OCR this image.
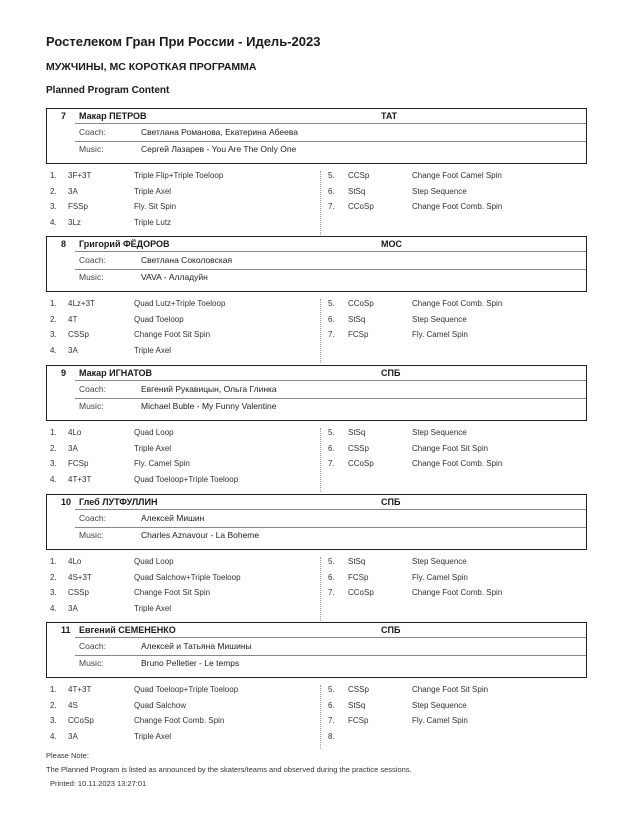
Ростелеком Гран При России - Идель-2023
МУЖЧИНЫ, МС КОРОТКАЯ ПРОГРАММА
Planned Program Content
7 Макар ПЕТРОВ	TAT
Coach:	Светлана Романова, Екатерина Абеева
Music:	Сергей Лазарев - You Are The Only One
1. 3F+3T	Triple Flip+Triple Toeloop
2. 3A	Triple Axel
3. FSSp	Fly. Sit Spin
4. 3Lz	Triple Lutz
5. CCSp	Change Foot Camel Spin
6. StSq	Step Sequence
7. CCoSp	Change Foot Comb. Spin
8 Григорий ФЁДОРОВ	MOC
Coach:	Светлана Соколовская
Music:	VAVA - Алладуйн
1. 4Lz+3T	Quad Lutz+Triple Toeloop
2. 4T	Quad Toeloop
3. CSSp	Change Foot Sit Spin
4. 3A	Triple Axel
5. CCoSp	Change Foot Comb. Spin
6. StSq	Step Sequence
7. FCSp	Fly. Camel Spin
9 Макар ИГНАТОВ	СПБ
Coach:	Евгений Рукавицын, Ольга Глинка
Music:	Michael Buble - My Funny Valentine
1. 4Lo	Quad Loop
2. 3A	Triple Axel
3. FCSp	Fly. Camel Spin
4. 4T+3T	Quad Toeloop+Triple Toeloop
5. StSq	Step Sequence
6. CSSp	Change Foot Sit Spin
7. CCoSp	Change Foot Comb. Spin
10 Глеб ЛУТФУЛЛИН	СПБ
Coach:	Алексей Мишин
Music:	Charles Aznavour - La Boheme
1. 4Lo	Quad Loop
2. 4S+3T	Quad Salchow+Triple Toeloop
3. CSSp	Change Foot Sit Spin
4. 3A	Triple Axel
5. StSq	Step Sequence
6. FCSp	Fly. Camel Spin
7. CCoSp	Change Foot Comb. Spin
11 Евгений СЕМЕНЕНКО	СПБ
Coach:	Алексей и Татьяна Мишины
Music:	Bruno Pelletier - Le temps
1. 4T+3T	Quad Toeloop+Triple Toeloop
2. 4S	Quad Salchow
3. CCoSp	Change Foot Comb. Spin
4. 3A	Triple Axel
5. CSSp	Change Foot Sit Spin
6. StSq	Step Sequence
7. FCSp	Fly. Camel Spin
8.
Please Note:
The Planned Program is listed as announced by the skaters/teams and observed during the practice sessions.
Printed: 10.11.2023 13:27:01
